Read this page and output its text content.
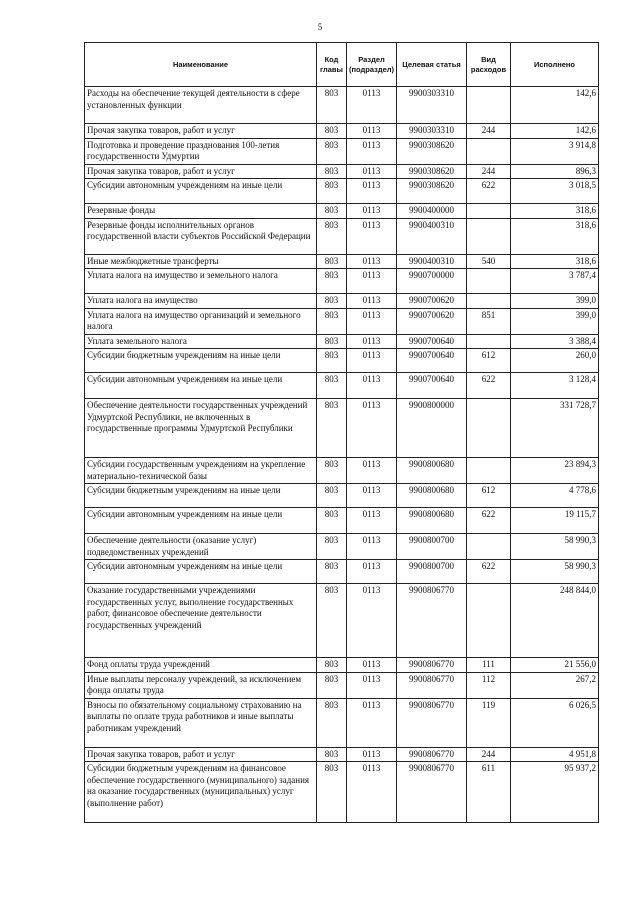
5
Наименование	Код главы	Раздел (подраздел)	Целевая статья	Вид расходов	Исполнено
Расходы на обеспечение текущей деятельности в сфере установленных функции	803	0113	9900303310		142,6
Прочая закупка товаров, работ и услуг	803	0113	9900303310	244	142,6
Подготовка и проведение празднования 100-летия государственности Удмуртии	803	0113	9900308620		3 914,8
Прочая закупка товаров, работ и услуг	803	0113	9900308620	244	896,3
Субсидии автономным учреждениям на иные цели	803	0113	9900308620	622	3 018,5
Резервные фонды	803	0113	9900400000		318,6
Резервные фонды исполнительных органов государственной власти субъектов Российской Федерации	803	0113	9900400310		318,6
Иные межбюджетные трансферты	803	0113	9900400310	540	318,6
Уплата налога на имущество и земельного налога	803	0113	9900700000		3 787,4
Уплата налога на имущество	803	0113	9900700620		399,0
Уплата налога на имущество организаций и земельного налога	803	0113	9900700620	851	399,0
Уплата земельного налога	803	0113	9900700640		3 388,4
Субсидии бюджетным учреждениям на иные цели	803	0113	9900700640	612	260,0
Субсидии автономным учреждениям на иные цели	803	0113	9900700640	622	3 128,4
Обеспечение деятельности государственных учреждений Удмуртской Республики, не включенных в государственные программы Удмуртской Республики	803	0113	9900800000		331 728,7
Субсидии государственным учреждениям на укрепление материально-технической базы	803	0113	9900800680		23 894,3
Субсидии бюджетным учреждениям на иные цели	803	0113	9900800680	612	4 778,6
Субсидии автономным учреждениям на иные цели	803	0113	9900800680	622	19 115,7
Обеспечение деятельности (оказание услуг) подведомственных учреждений	803	0113	9900800700		58 990,3
Субсидии автономным учреждениям на иные цели	803	0113	9900800700	622	58 990,3
Оказание государственными учреждениями государственных услуг, выполнение государственных работ, финансовое обеспечение деятельности государственных учреждений	803	0113	9900806770		248 844,0
Фонд оплаты труда учреждений	803	0113	9900806770	111	21 556,0
Иные выплаты персоналу учреждений, за исключением фонда оплаты труда	803	0113	9900806770	112	267,2
Взносы по обязательному социальному страхованию на выплаты по оплате труда работников и иные выплаты работникам учреждений	803	0113	9900806770	119	6 026,5
Прочая закупка товаров, работ и услуг	803	0113	9900806770	244	4 951,8
Субсидии бюджетным учреждениям на финансовое обеспечение государственного (муниципального) задания на оказание государственных (муниципальных) услуг (выполнение работ)	803	0113	9900806770	611	95 937,2
